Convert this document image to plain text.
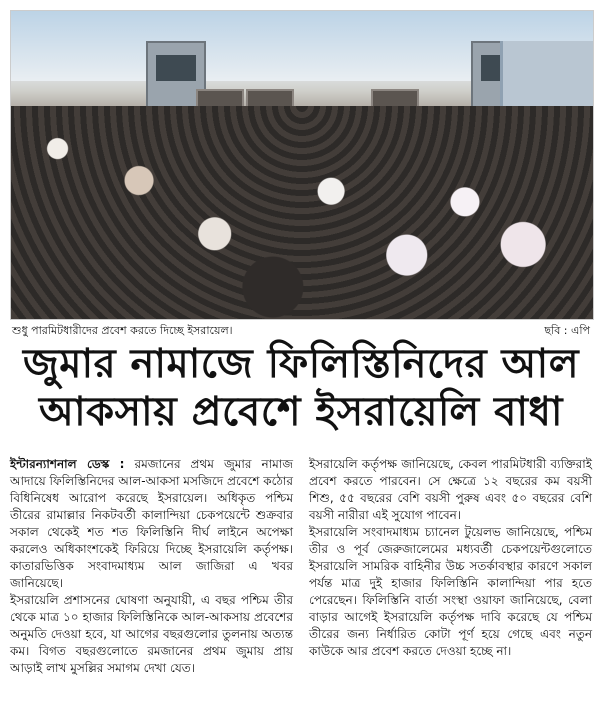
শুধু পারমিটধারীদের প্রবেশ করতে দিচ্ছে ইসরায়েল।	ছবি : এপি
জুমার নামাজে ফিলিস্তিনিদের আল
আকসায় প্রবেশে ইসরায়েলি বাধা

ইন্টারন্যাশনাল ডেস্ক : রমজানের প্রথম জুমার নামাজ আদায়ে ফিলিস্তিনিদের আল-আকসা মসজিদে প্রবেশে কঠোর বিধিনিষেধ আরোপ করেছে ইসরায়েল। অধিকৃত পশ্চিম তীরের রামাল্লার নিকটবর্তী কালান্দিয়া চেকপয়েন্টে শুক্রবার সকাল থেকেই শত শত ফিলিস্তিনি দীর্ঘ লাইনে অপেক্ষা করলেও অধিকাংশকেই ফিরিয়ে দিচ্ছে ইসরায়েলি কর্তৃপক্ষ। কাতারভিত্তিক সংবাদমাধ্যম আল জাজিরা এ খবর জানিয়েছে।

ইসরায়েলি প্রশাসনের ঘোষণা অনুযায়ী, এ বছর পশ্চিম তীর থেকে মাত্র ১০ হাজার ফিলিস্তিনিকে আল-আকসায় প্রবেশের অনুমতি দেওয়া হবে, যা আগের বছরগুলোর তুলনায় অত্যন্ত কম। বিগত বছরগুলোতে রমজানের প্রথম জুমায় প্রায় আড়াই লাখ মুসল্লির সমাগম দেখা যেত।

ইসরায়েলি কর্তৃপক্ষ জানিয়েছে, কেবল পারমিটধারী ব্যক্তিরাই প্রবেশ করতে পারবেন। সে ক্ষেত্রে ১২ বছরের কম বয়সী শিশু, ৫৫ বছরের বেশি বয়সী পুরুষ এবং ৫০ বছরের বেশি বয়সী নারীরা এই সুযোগ পাবেন।

ইসরায়েলি সংবাদমাধ্যম চ্যানেল টুয়েলভ জানিয়েছে, পশ্চিম তীর ও পূর্ব জেরুজালেমের মধ্যবর্তী চেকপয়েন্টগুলোতে ইসরায়েলি সামরিক বাহিনীর উচ্চ সতর্কাবস্থার কারণে সকাল পর্যন্ত মাত্র দুই হাজার ফিলিস্তিনি কালান্দিয়া পার হতে পেরেছেন। ফিলিস্তিনি বার্তা সংস্থা ওয়াফা জানিয়েছে, বেলা বাড়ার আগেই ইসরায়েলি কর্তৃপক্ষ দাবি করেছে যে পশ্চিম তীরের জন্য নির্ধারিত কোটা পূর্ণ হয়ে গেছে এবং নতুন কাউকে আর প্রবেশ করতে দেওয়া হচ্ছে না।
